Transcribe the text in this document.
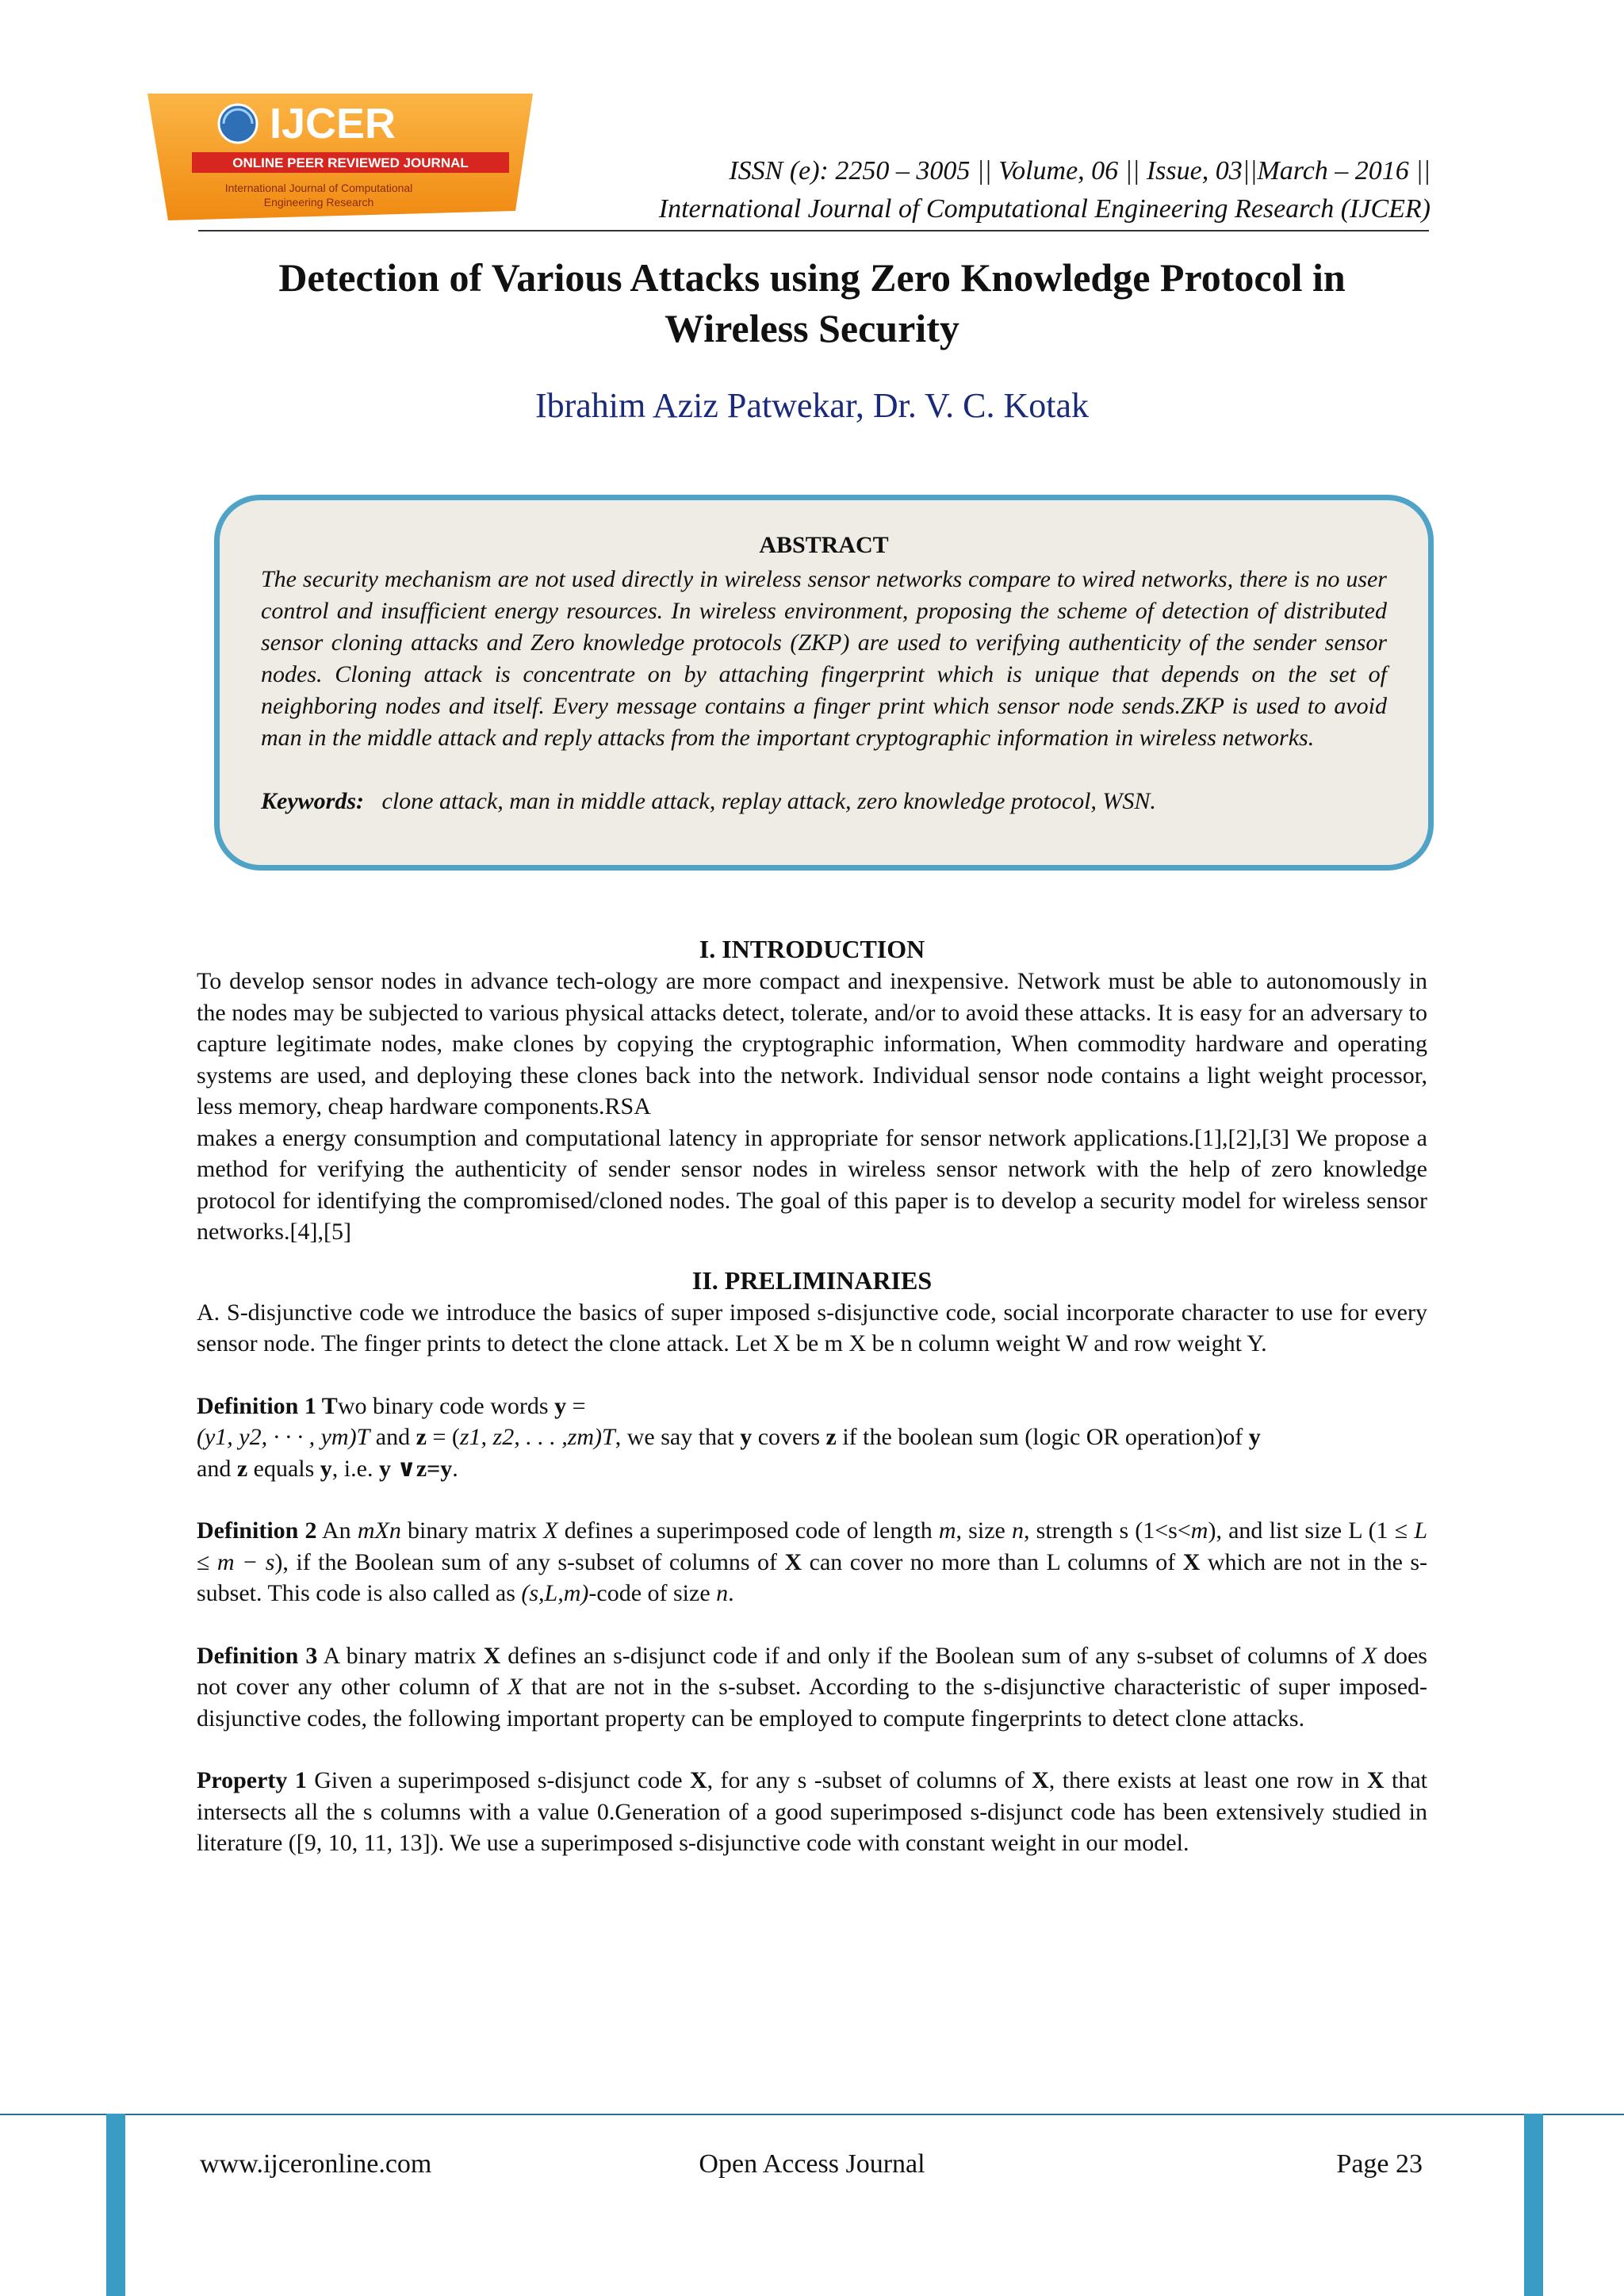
IJCER
ONLINE PEER REVIEWED JOURNAL
International Journal of Computational
Engineering Research
ISSN (e): 2250 – 3005 || Volume, 06 || Issue, 03||March – 2016 ||
International Journal of Computational Engineering Research (IJCER)
Detection of Various Attacks using Zero Knowledge Protocol in
Wireless Security
Ibrahim Aziz Patwekar, Dr. V. C. Kotak
ABSTRACT
The security mechanism are not used directly in wireless sensor networks compare to wired networks, there is no user control and insufficient energy resources. In wireless environment, proposing the scheme of detection of distributed sensor cloning attacks and Zero knowledge protocols (ZKP) are used to verifying authenticity of the sender sensor nodes. Cloning attack is concentrate on by attaching fingerprint which is unique that depends on the set of neighboring nodes and itself. Every message contains a finger print which sensor node sends.ZKP is used to avoid man in the middle attack and reply attacks from the important cryptographic information in wireless networks.
Keywords: clone attack, man in middle attack, replay attack, zero knowledge protocol, WSN.
I. INTRODUCTION

To develop sensor nodes in advance tech-ology are more compact and inexpensive. Network must be able to autonomously in the nodes may be subjected to various physical attacks detect, tolerate, and/or to avoid these attacks. It is easy for an adversary to capture legitimate nodes, make clones by copying the cryptographic information, When commodity hardware and operating systems are used, and deploying these clones back into the network. Individual sensor node contains a light weight processor, less memory, cheap hardware components.RSA

makes a energy consumption and computational latency in appropriate for sensor network applications.[1],[2],[3] We propose a method for verifying the authenticity of sender sensor nodes in wireless sensor network with the help of zero knowledge protocol for identifying the compromised/cloned nodes. The goal of this paper is to develop a security model for wireless sensor networks.[4],[5]

II. PRELIMINARIES

A. S-disjunctive code we introduce the basics of super imposed s-disjunctive code, social incorporate character to use for every sensor node. The finger prints to detect the clone attack. Let X be m X be n column weight W and row weight Y.

Definition 1 Two binary code words y =
(y1, y2, · · · , ym)T and z = (z1, z2, . . . ,zm)T, we say that y covers z if the boolean sum (logic OR operation)of y
and z equals y, i.e. y ∨z=y.

Definition 2 An mXn binary matrix X defines a superimposed code of length m, size n, strength s (1<s<m), and list size L (1 ≤ L ≤ m − s), if the Boolean sum of any s-subset of columns of X can cover no more than L columns of X which are not in the s-subset. This code is also called as (s,L,m)-code of size n.

Definition 3 A binary matrix X defines an s-disjunct code if and only if the Boolean sum of any s-subset of columns of X does not cover any other column of X that are not in the s-subset. According to the s-disjunctive characteristic of super imposed-disjunctive codes, the following important property can be employed to compute fingerprints to detect clone attacks.

Property 1 Given a superimposed s-disjunct code X, for any s -subset of columns of X, there exists at least one row in X that intersects all the s columns with a value 0.Generation of a good superimposed s-disjunct code has been extensively studied in literature ([9, 10, 11, 13]). We use a superimposed s-disjunctive code with constant weight in our model.

www.ijceronline.com	Open Access Journal	Page 23
